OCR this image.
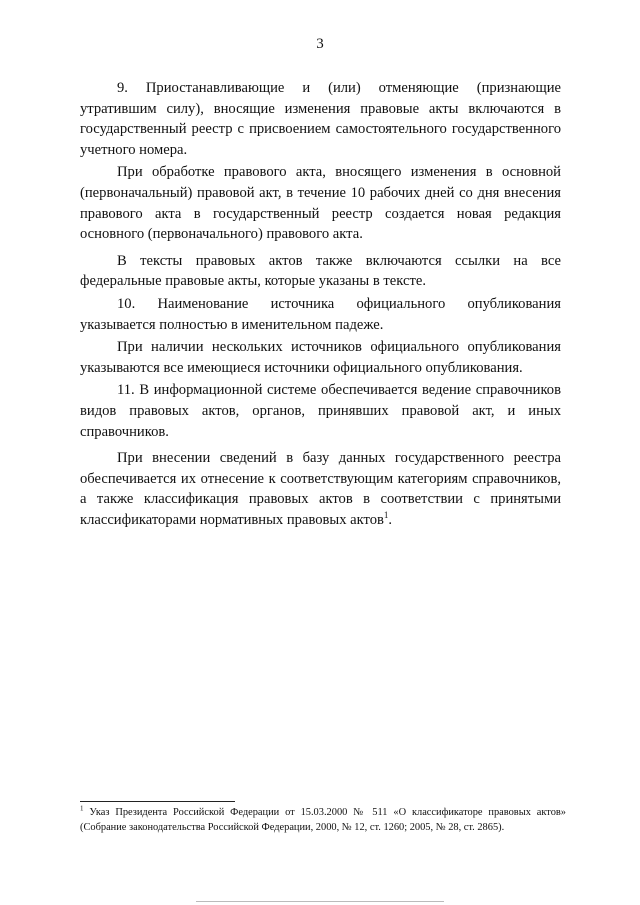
3

9. Приостанавливающие и (или) отменяющие (признающие утратившим силу), вносящие изменения правовые акты включаются в государственный реестр с присвоением самостоятельного государственного учетного номера.

При обработке правового акта, вносящего изменения в основной (первоначальный) правовой акт, в течение 10 рабочих дней со дня внесения правового акта в государственный реестр создается новая редакция основного (первоначального) правового акта.

В тексты правовых актов также включаются ссылки на все федеральные правовые акты, которые указаны в тексте.

10. Наименование источника официального опубликования указывается полностью в именительном падеже.

При наличии нескольких источников официального опубликования указываются все имеющиеся источники официального опубликования.

11. В информационной системе обеспечивается ведение справочников видов правовых актов, органов, принявших правовой акт, и иных справочников.

При внесении сведений в базу данных государственного реестра обеспечивается их отнесение к соответствующим категориям справочников, а также классификация правовых актов в соответствии с принятыми классификаторами нормативных правовых актов$^1$.

$^1$ Указ Президента Российской Федерации от 15.03.2000 № 511 «О классификаторе правовых актов» (Собрание законодательства Российской Федерации, 2000, № 12, ст. 1260; 2005, № 28, ст. 2865).
